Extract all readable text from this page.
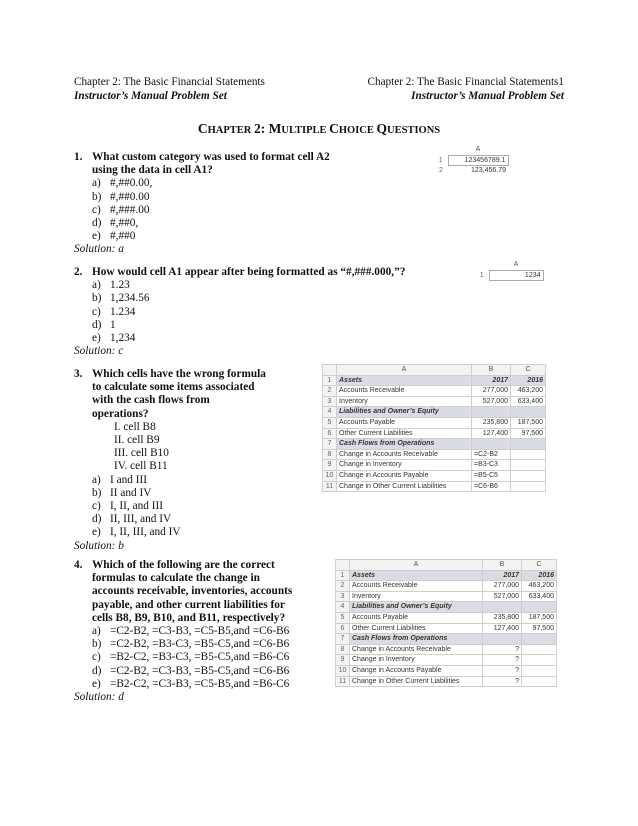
Chapter 2: The Basic Financial Statements
Instructor’s Manual Problem Set
Chapter 2: The Basic Financial Statements1
Instructor’s Manual Problem Set
CHAPTER 2: MULTIPLE CHOICE QUESTIONS
1. What custom category was used to format cell A2
using the data in cell A1?
a) #,##0.00,
b) #,##0.00
c) #,###.00
d) #,##0,
e) #,##0
Solution: a
	A
1	123456789.1
2	123,456.79
2. How would cell A1 appear after being formatted as “#,###.000,”?
a) 1.23
b) 1,234.56
c) 1.234
d) 1
e) 1,234
Solution: c
	A
1	1234
3. Which cells have the wrong formula
to calculate some items associated
with the cash flows from
operations?
I. cell B8
II. cell B9
III. cell B10
IV. cell B11
a) I and III
b) II and IV
c) I, II, and III
d) II, III, and IV
e) I, II, III, and IV
Solution: b
	A	B	C
1	Assets	2017	2016
2	Accounts Receivable	277,000	463,200
3	Inventory	527,000	633,400
4	Liabilities and Owner’s Equity		
5	Accounts Payable	235,800	187,500
6	Other Current Liabilities	127,400	97,500
7	Cash Flows from Operations		
8	Change in Accounts Receivable	=C2-B2	
9	Change in Inventory	=B3-C3	
10	Change in Accounts Payable	=B5-C5	
11	Change in Other Current Liabilities	=C6-B6	
4. Which of the following are the correct
formulas to calculate the change in
accounts receivable, inventories, accounts
payable, and other current liabilities for
cells B8, B9, B10, and B11, respectively?
a) =C2-B2, =C3-B3, =C5-B5,and =C6-B6
b) =C2-B2, =B3-C3, =B5-C5,and =C6-B6
c) =B2-C2, =B3-C3, =B5-C5,and =B6-C6
d) =C2-B2, =C3-B3, =B5-C5,and =C6-B6
e) =B2-C2, =C3-B3, =C5-B5,and =B6-C6
Solution: d
	A	B	C
1	Assets	2017	2016
2	Accounts Receivable	277,000	463,200
3	Inventory	527,000	633,400
4	Liabilities and Owner’s Equity		
5	Accounts Payable	235,800	187,500
6	Other Current Liabilities	127,400	97,500
7	Cash Flows from Operations		
8	Change in Accounts Receivable	?	
9	Change in Inventory	?	
10	Change in Accounts Payable	?	
11	Change in Other Current Liabilities	?	
